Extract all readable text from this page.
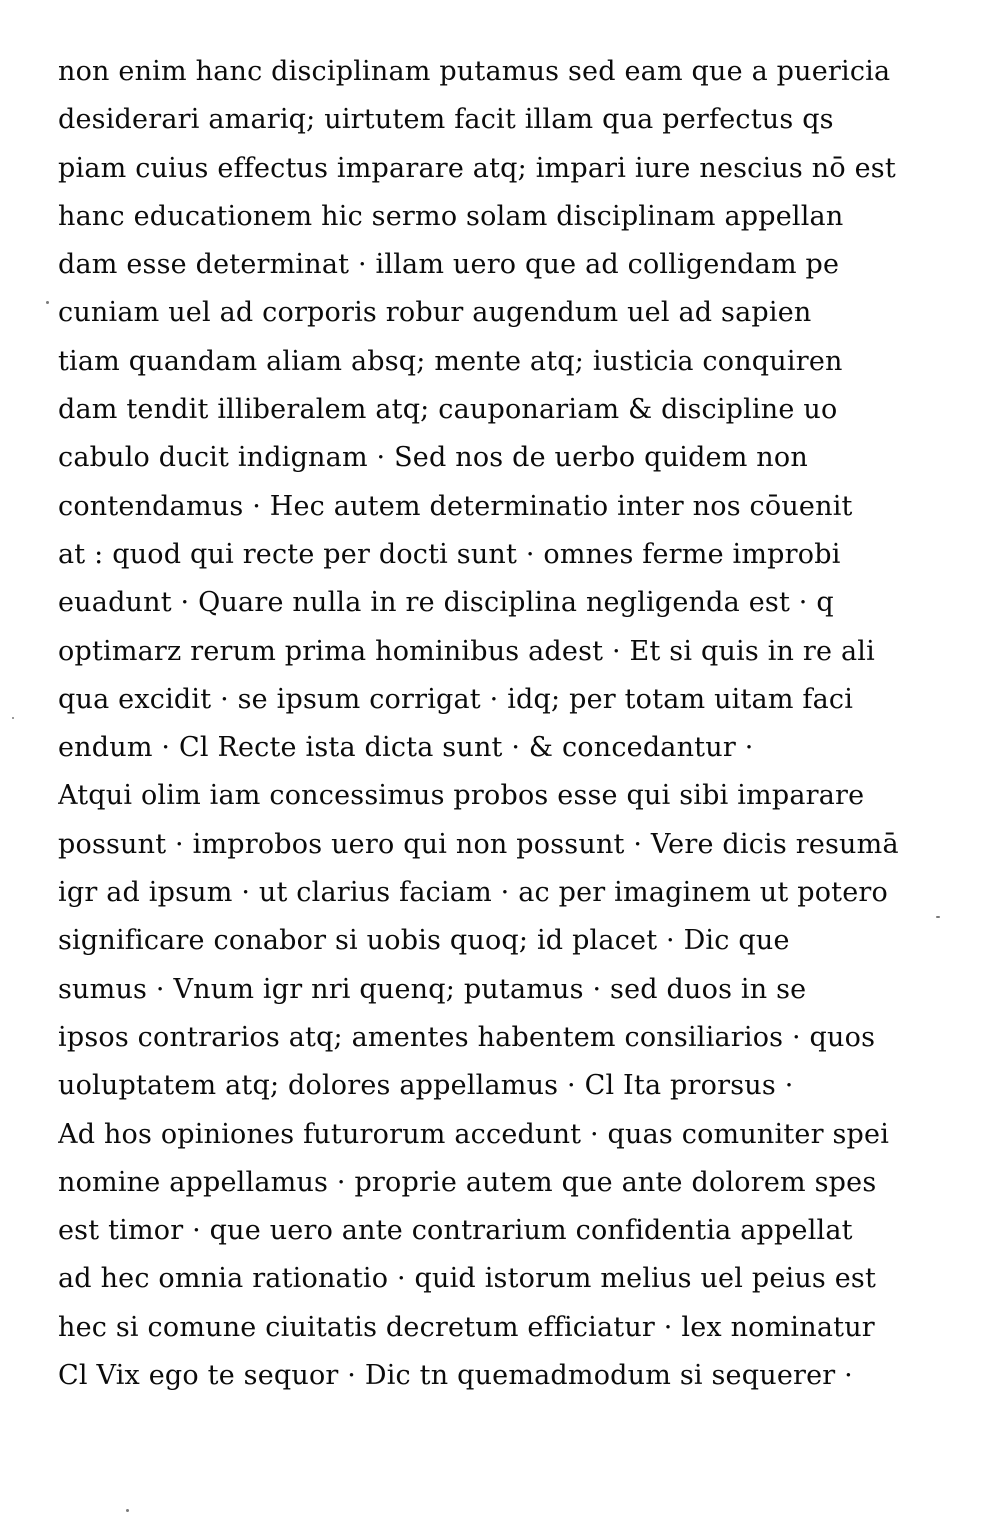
non enim hanc disciplinam putamus sed eam que a puericia
desiderari amariq; uirtutem facit illam qua perfectus qs
piam cuius effectus imparare atq; impari iure nescius nō est
hanc educationem hic sermo solam disciplinam appellan
dam esse determinat · illam uero que ad colligendam pe
cuniam uel ad corporis robur augendum uel ad sapien
tiam quandam aliam absq; mente atq; iusticia conquiren
dam tendit illiberalem atq; cauponariam & discipline uo
cabulo ducit indignam · Sed nos de uerbo quidem non
contendamus · Hec autem determinatio inter nos cōuenit
at : quod qui recte per docti sunt · omnes ferme improbi
euadunt · Quare nulla in re disciplina negligenda est · q
optimarz rerum prima hominibus adest · Et si quis in re ali
qua excidit · se ipsum corrigat · idq; per totam uitam faci
endum · Cl Recte ista dicta sunt · & concedantur ·
Atqui olim iam concessimus probos esse qui sibi imparare
possunt · improbos uero qui non possunt · Vere dicis resumā
igr ad ipsum · ut clarius faciam · ac per imaginem ut potero
significare conabor si uobis quoq; id placet · Dic que
sumus · Vnum igr nri quenq; putamus · sed duos in se
ipsos contrarios atq; amentes habentem consiliarios · quos
uoluptatem atq; dolores appellamus · Cl Ita prorsus ·
Ad hos opiniones futurorum accedunt · quas comuniter spei
nomine appellamus · proprie autem que ante dolorem spes
est timor · que uero ante contrarium confidentia appellat
ad hec omnia rationatio · quid istorum melius uel peius est
hec si comune ciuitatis decretum efficiatur · lex nominatur
Cl Vix ego te sequor · Dic tn quemadmodum si sequerer ·
